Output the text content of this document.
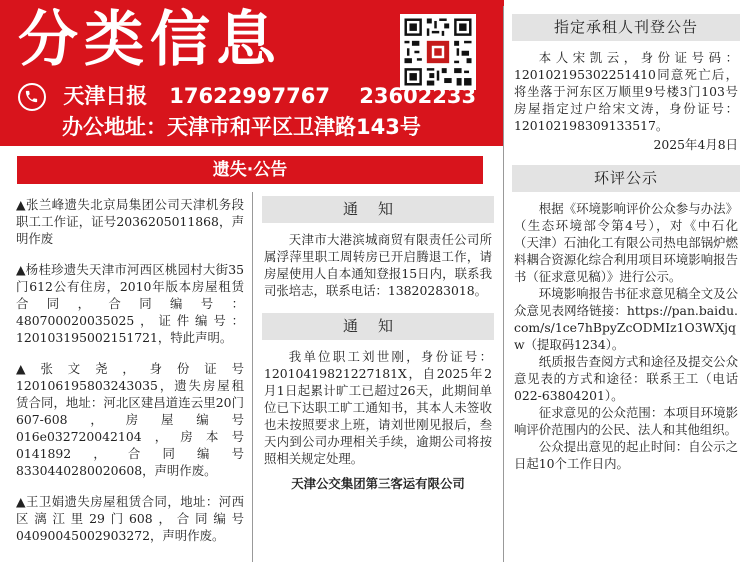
分类信息
天津日报 17622997767 23602233
办公地址：天津市和平区卫津路143号
遗失·公告

▲张兰峰遗失北京局集团公司天津机务段职工工作证，证号2036205011868，声明作废

▲杨桂珍遗失天津市河西区桃园村大街35门612公有住房，2010年版本房屋租赁合同，合同编号：480700020035025，证件编号：120103195002151721，特此声明。

▲张文尧，身份证号120106195803243035，遗失房屋租赁合同，地址：河北区建昌道连云里20门607-608，房屋编号016e032720042104，房本号0141892，合同编号8330440280020608，声明作废。

▲王卫娟遗失房屋租赁合同，地址：河西区漓江里29门608，合同编号04090045002903272，声明作废。

通知

天津市大港滨城商贸有限责任公司所属浮萍里职工周转房已开启腾退工作，请房屋使用人自本通知登报15日内，联系我司张培志，联系电话：13820283018。

通知

我单位职工刘世刚，身份证号：12010419821227181X，自2025年2月1日起累计旷工已超过26天，此期间单位已下达职工旷工通知书，其本人未签收也未按照要求上班，请刘世刚见报后，叁天内到公司办理相关手续，逾期公司将按照相关规定处理。

天津公交集团第三客运有限公司
指定承租人刊登公告

本人宋凯云，身份证号码：120102195302251410同意死亡后，将坐落于河东区万顺里9号楼3门103号房屋指定过户给宋文涛，身份证号：120102198309133517。

2025年4月8日

环评公示

根据《环境影响评价公众参与办法》（生态环境部令第4号），对《中石化（天津）石油化工有限公司热电部锅炉燃料耦合资源化综合利用项目环境影响报告书（征求意见稿）》进行公示。

环境影响报告书征求意见稿全文及公众意见表网络链接：https://pan.baidu.com/s/1ce7hBpyZcODMIz1O3WXjqw（提取码1234）。

纸质报告查阅方式和途径及提交公众意见表的方式和途径：联系王工（电话022-63804201）。

征求意见的公众范围：本项目环境影响评价范围内的公民、法人和其他组织。

公众提出意见的起止时间：自公示之日起10个工作日内。
